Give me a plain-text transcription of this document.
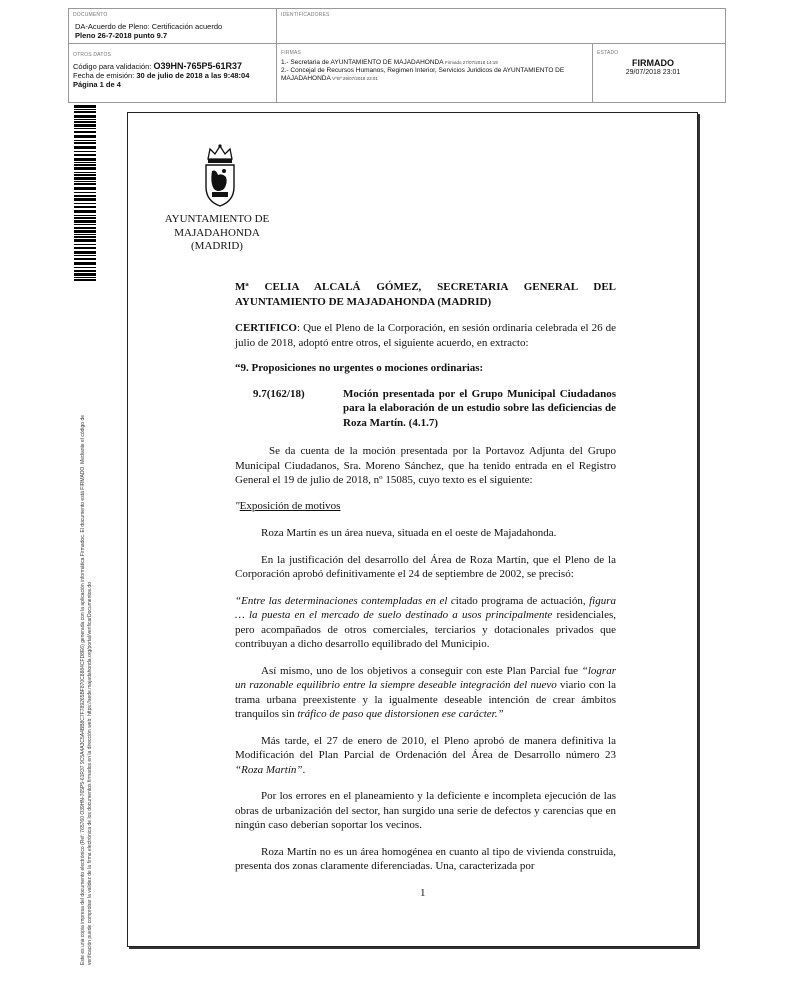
DOCUMENTO
DA-Acuerdo de Pleno: Certificación acuerdo
Pleno 26-7-2018 punto 9.7
IDENTIFICADORES
OTROS DATOS
Código para validación: O39HN-765P5-61R37
Fecha de emisión: 30 de julio de 2018 a las 9:48:04
Página 1 de 4
FIRMAS
1.- Secretaria de AYUNTAMIENTO DE MAJADAHONDA Firmado 27/07/2018 14:19
2.- Concejal de Recursos Humanos, Regimen Interior, Servicios Juridicos de AYUNTAMIENTO DE
MAJADAHONDA VºBº 29/07/2018 23:01
ESTADO
FIRMADO
29/07/2018 23:01
Este es una copia impresa del documento electrónico (Ref: 765760 O39HN-765P5-61R37 9C5A4A3C5A4BB8C7F789265BF870C8884CFD8E6) generada con la aplicación informática Firmadoc. El documento está FIRMADO. Mediante el código de verificación puede comprobar la validez de la firma electrónica de los documentos firmados en la dirección web: https://sede.majadahonda.org/portal/verificarDocumentos.do
AYUNTAMIENTO DE
MAJADAHONDA
(MADRID)

Mª CELIA ALCALÁ GÓMEZ, SECRETARIA GENERAL DEL AYUNTAMIENTO DE MAJADAHONDA (MADRID)

CERTIFICO: Que el Pleno de la Corporación, en sesión ordinaria celebrada el 26 de julio de 2018, adoptó entre otros, el siguiente acuerdo, en extracto:

“9. Proposiciones no urgentes o mociones ordinarias:

9.7(162/18)	Moción presentada por el Grupo Municipal Ciudadanos para la elaboración de un estudio sobre las deficiencias de Roza Martín. (4.1.7)

Se da cuenta de la moción presentada por la Portavoz Adjunta del Grupo Municipal Ciudadanos, Sra. Moreno Sánchez, que ha tenido entrada en el Registro General el 19 de julio de 2018, nº 15085, cuyo texto es el siguiente:

"Exposición de motivos

Roza Martín es un área nueva, situada en el oeste de Majadahonda.

En la justificación del desarrollo del Área de Roza Martín, que el Pleno de la Corporación aprobó definitivamente el 24 de septiembre de 2002, se precisó:

“Entre las determinaciones contempladas en el citado programa de actuación, figura … la puesta en el mercado de suelo destinado a usos principalmente residenciales, pero acompañados de otros comerciales, terciarios y dotacionales privados que contribuyan a dicho desarrollo equilibrado del Municipio.

Así mismo, uno de los objetivos a conseguir con este Plan Parcial fue “lograr un razonable equilibrio entre la siempre deseable integración del nuevo viario con la trama urbana preexistente y la igualmente deseable intención de crear ámbitos tranquilos sin tráfico de paso que distorsionen ese carácter.”

Más tarde, el 27 de enero de 2010, el Pleno aprobó de manera definitiva la Modificación del Plan Parcial de Ordenación del Área de Desarrollo número 23 “Roza Martín”.

Por los errores en el planeamiento y la deficiente e incompleta ejecución de las obras de urbanización del sector, han surgido una serie de defectos y carencias que en ningún caso deberían soportar los vecinos.

Roza Martín no es un área homogénea en cuanto al tipo de vivienda construida, presenta dos zonas claramente diferenciadas. Una, caracterizada por

1
